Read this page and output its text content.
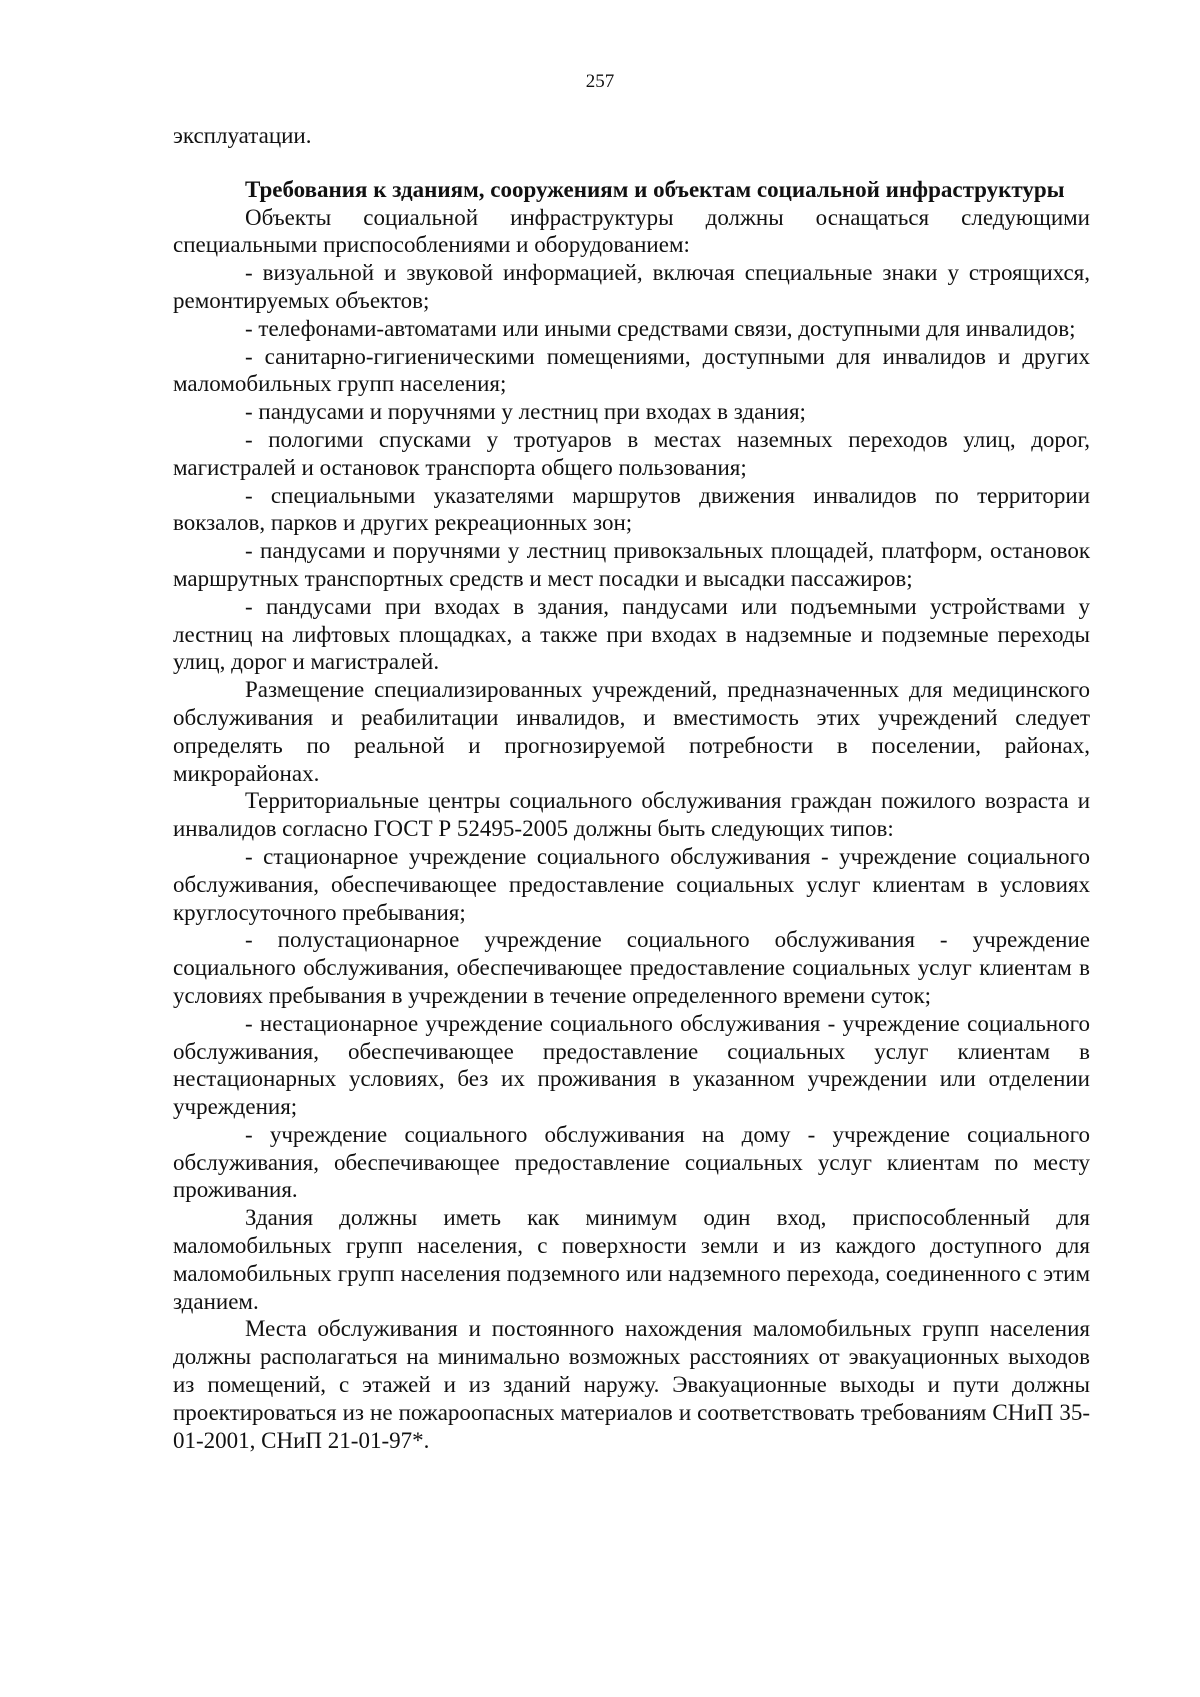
257

эксплуатации.

Требования к зданиям, сооружениям и объектам социальной инфраструктуры

Объекты социальной инфраструктуры должны оснащаться следующими специальными приспособлениями и оборудованием:

- визуальной и звуковой информацией, включая специальные знаки у строящихся, ремонтируемых объектов;

- телефонами-автоматами или иными средствами связи, доступными для инвалидов;

- санитарно-гигиеническими помещениями, доступными для инвалидов и других маломобильных групп населения;

- пандусами и поручнями у лестниц при входах в здания;

- пологими спусками у тротуаров в местах наземных переходов улиц, дорог, магистралей и остановок транспорта общего пользования;

- специальными указателями маршрутов движения инвалидов по территории вокзалов, парков и других рекреационных зон;

- пандусами и поручнями у лестниц привокзальных площадей, платформ, остановок маршрутных транспортных средств и мест посадки и высадки пассажиров;

- пандусами при входах в здания, пандусами или подъемными устройствами у лестниц на лифтовых площадках, а также при входах в надземные и подземные переходы улиц, дорог и магистралей.

Размещение специализированных учреждений, предназначенных для медицинского обслуживания и реабилитации инвалидов, и вместимость этих учреждений следует определять по реальной и прогнозируемой потребности в поселении, районах, микрорайонах.

Территориальные центры социального обслуживания граждан пожилого возраста и инвалидов согласно ГОСТ Р 52495-2005 должны быть следующих типов:

- стационарное учреждение социального обслуживания - учреждение социального обслуживания, обеспечивающее предоставление социальных услуг клиентам в условиях круглосуточного пребывания;

- полустационарное учреждение социального обслуживания - учреждение социального обслуживания, обеспечивающее предоставление социальных услуг клиентам в условиях пребывания в учреждении в течение определенного времени суток;

- нестационарное учреждение социального обслуживания - учреждение социального обслуживания, обеспечивающее предоставление социальных услуг клиентам в нестационарных условиях, без их проживания в указанном учреждении или отделении учреждения;

- учреждение социального обслуживания на дому - учреждение социального обслуживания, обеспечивающее предоставление социальных услуг клиентам по месту проживания.

Здания должны иметь как минимум один вход, приспособленный для маломобильных групп населения, с поверхности земли и из каждого доступного для маломобильных групп населения подземного или надземного перехода, соединенного с этим зданием.

Места обслуживания и постоянного нахождения маломобильных групп населения должны располагаться на минимально возможных расстояниях от эвакуационных выходов из помещений, с этажей и из зданий наружу. Эвакуационные выходы и пути должны проектироваться из не пожароопасных материалов и соответствовать требованиям СНиП 35-01-2001, СНиП 21-01-97*.
